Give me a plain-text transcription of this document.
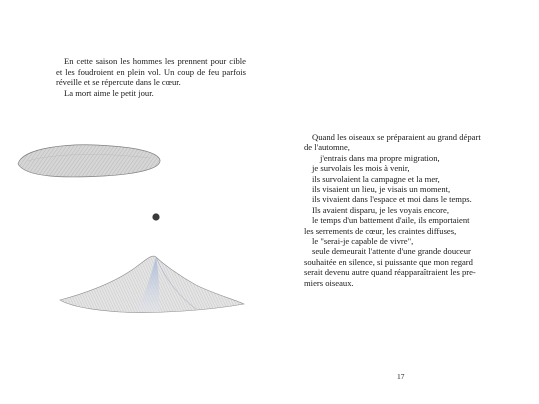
En cette saison les hommes les prennent pour cible et les foudroient en plein vol. Un coup de feu parfois réveille et se répercute dans le cœur.

La mort aime le petit jour.

Quand les oiseaux se préparaient au grand départ
de l'automne,
j'entrais dans ma propre migration,
je survolais les mois à venir,
ils survolaient la campagne et la mer,
ils visaient un lieu, je visais un moment,
ils vivaient dans l'espace et moi dans le temps.
Ils avaient disparu, je les voyais encore,
le temps d'un battement d'aile, ils emportaient
les serrements de cœur, les craintes diffuses,
le "serai-je capable de vivre",
seule demeurait l'attente d'une grande douceur
souhaitée en silence, si puissante que mon regard
serait devenu autre quand réapparaîtraient les pre-
miers oiseaux.
17
